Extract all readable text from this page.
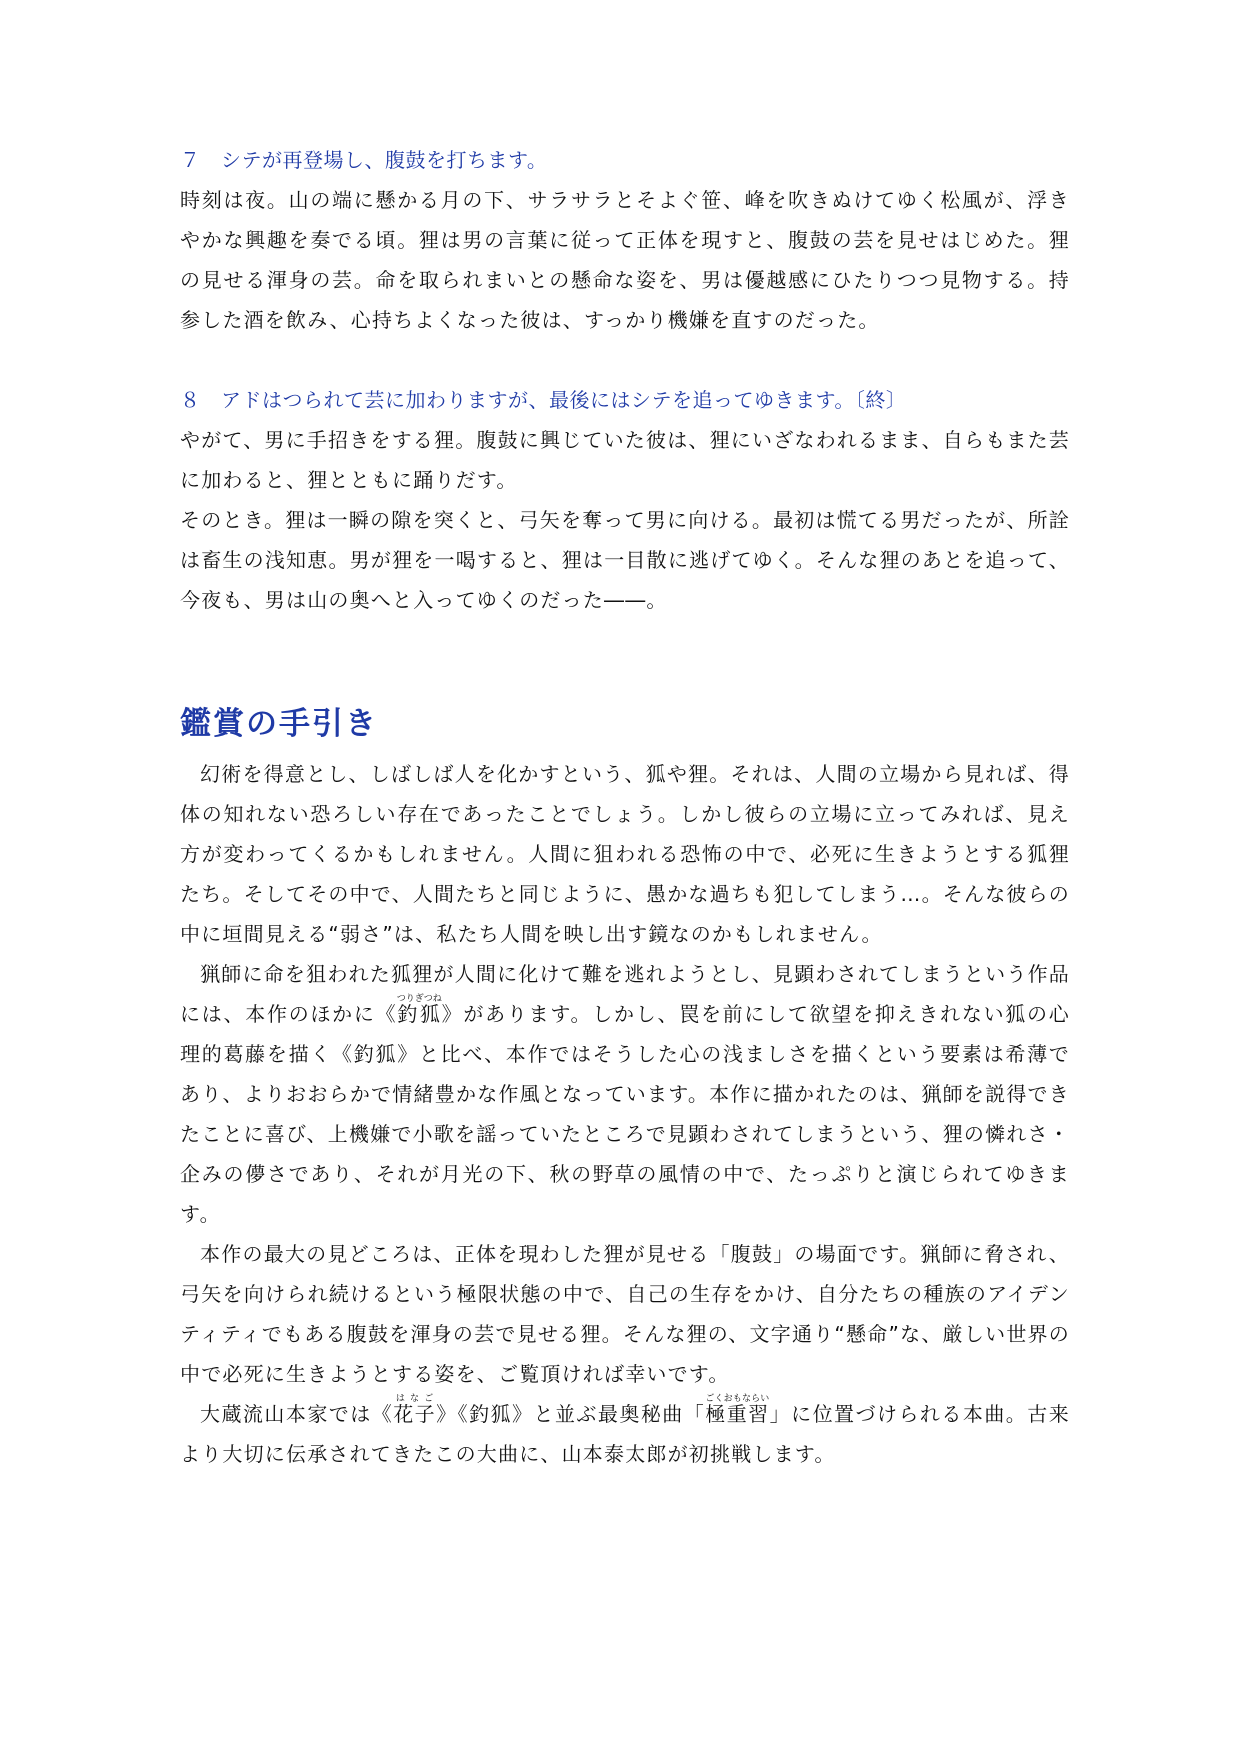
７　シテが再登場し、腹鼓を打ちます。

時刻は夜。山の端に懸かる月の下、サラサラとそよぐ笹、峰を吹きぬけてゆく松風が、浮きやかな興趣を奏でる頃。狸は男の言葉に従って正体を現すと、腹鼓の芸を見せはじめた。狸の見せる渾身の芸。命を取られまいとの懸命な姿を、男は優越感にひたりつつ見物する。持参した酒を飲み、心持ちよくなった彼は、すっかり機嫌を直すのだった。

８　アドはつられて芸に加わりますが、最後にはシテを追ってゆきます。〔終〕

やがて、男に手招きをする狸。腹鼓に興じていた彼は、狸にいざなわれるまま、自らもまた芸に加わると、狸とともに踊りだす。

そのとき。狸は一瞬の隙を突くと、弓矢を奪って男に向ける。最初は慌てる男だったが、所詮は畜生の浅知恵。男が狸を一喝すると、狸は一目散に逃げてゆく。そんな狸のあとを追って、今夜も、男は山の奥へと入ってゆくのだった――。

鑑賞の手引き

幻術を得意とし、しばしば人を化かすという、狐や狸。それは、人間の立場から見れば、得体の知れない恐ろしい存在であったことでしょう。しかし彼らの立場に立ってみれば、見え方が変わってくるかもしれません。人間に狙われる恐怖の中で、必死に生きようとする狐狸たち。そしてその中で、人間たちと同じように、愚かな過ちも犯してしまう…。そんな彼らの中に垣間見える“弱さ”は、私たち人間を映し出す鏡なのかもしれません。

猟師に命を狙われた狐狸が人間に化けて難を逃れようとし、見顕わされてしまうという作品には、本作のほかに《釣狐つりぎつね》があります。しかし、罠を前にして欲望を抑えきれない狐の心理的葛藤を描く《釣狐》と比べ、本作ではそうした心の浅ましさを描くという要素は希薄であり、よりおおらかで情緒豊かな作風となっています。本作に描かれたのは、猟師を説得できたことに喜び、上機嫌で小歌を謡っていたところで見顕わされてしまうという、狸の憐れさ・企みの儚さであり、それが月光の下、秋の野草の風情の中で、たっぷりと演じられてゆきます。

本作の最大の見どころは、正体を現わした狸が見せる「腹鼓」の場面です。猟師に脅され、弓矢を向けられ続けるという極限状態の中で、自己の生存をかけ、自分たちの種族のアイデンティティでもある腹鼓を渾身の芸で見せる狸。そんな狸の、文字通り“懸命”な、厳しい世界の中で必死に生きようとする姿を、ご覧頂ければ幸いです。

大蔵流山本家では《花子はなご》《釣狐》と並ぶ最奥秘曲「極重習ごくおもならい」に位置づけられる本曲。古来より大切に伝承されてきたこの大曲に、山本泰太郎が初挑戦します。
